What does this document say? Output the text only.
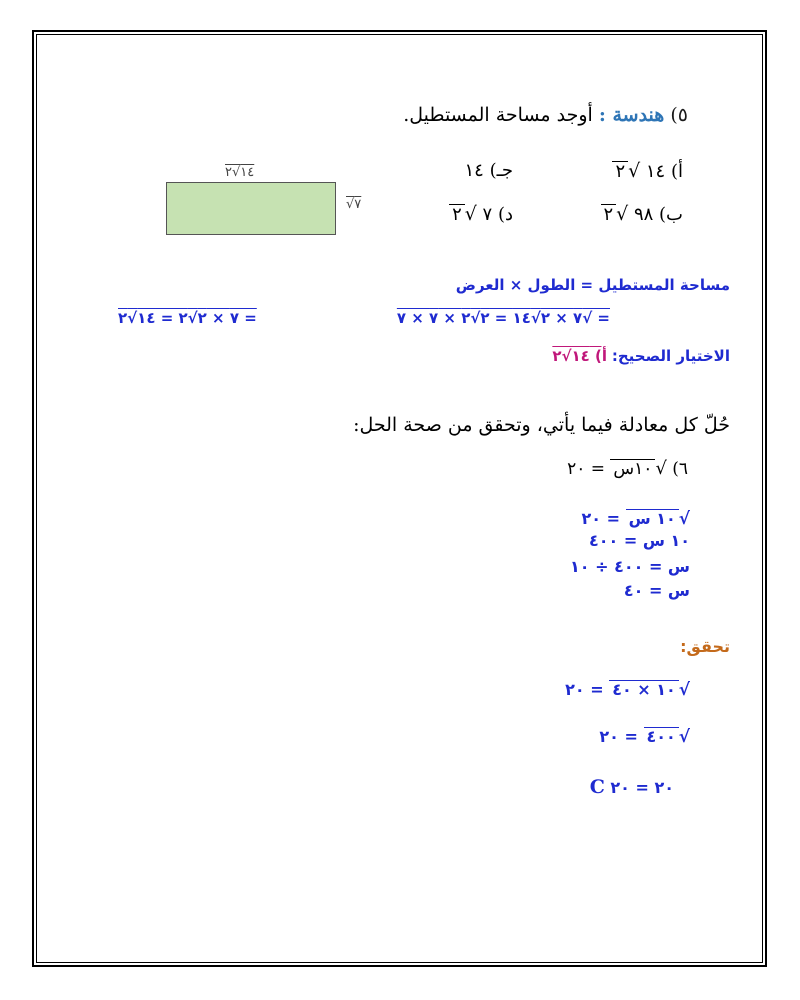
٥) هندسة : أوجد مساحة المستطيل.
أ) ١٤ √٢
ب) ٩٨ √٢
جـ) ١٤
د) ٧ √٢
١٤√٢
√٧
مساحة المستطيل = الطول × العرض
= √٧ × ٢√١٤ = ٢√٢ × ٧ × ٧
= ٧ × ٢√٢ = ١٤√٢
الاختيار الصحيح: أ) ١٤√٢
حُلّ كل معادلة فيما يأتي، وتحقق من صحة الحل:
٦) √١٠س = ٢٠
√١٠ س = ٢٠
١٠ س = ٤٠٠
س = ٤٠٠ ÷ ١٠
س = ٤٠
تحقق:
√١٠ × ٤٠ = ٢٠
√٤٠٠ = ٢٠
٢٠ = ٢٠ C
